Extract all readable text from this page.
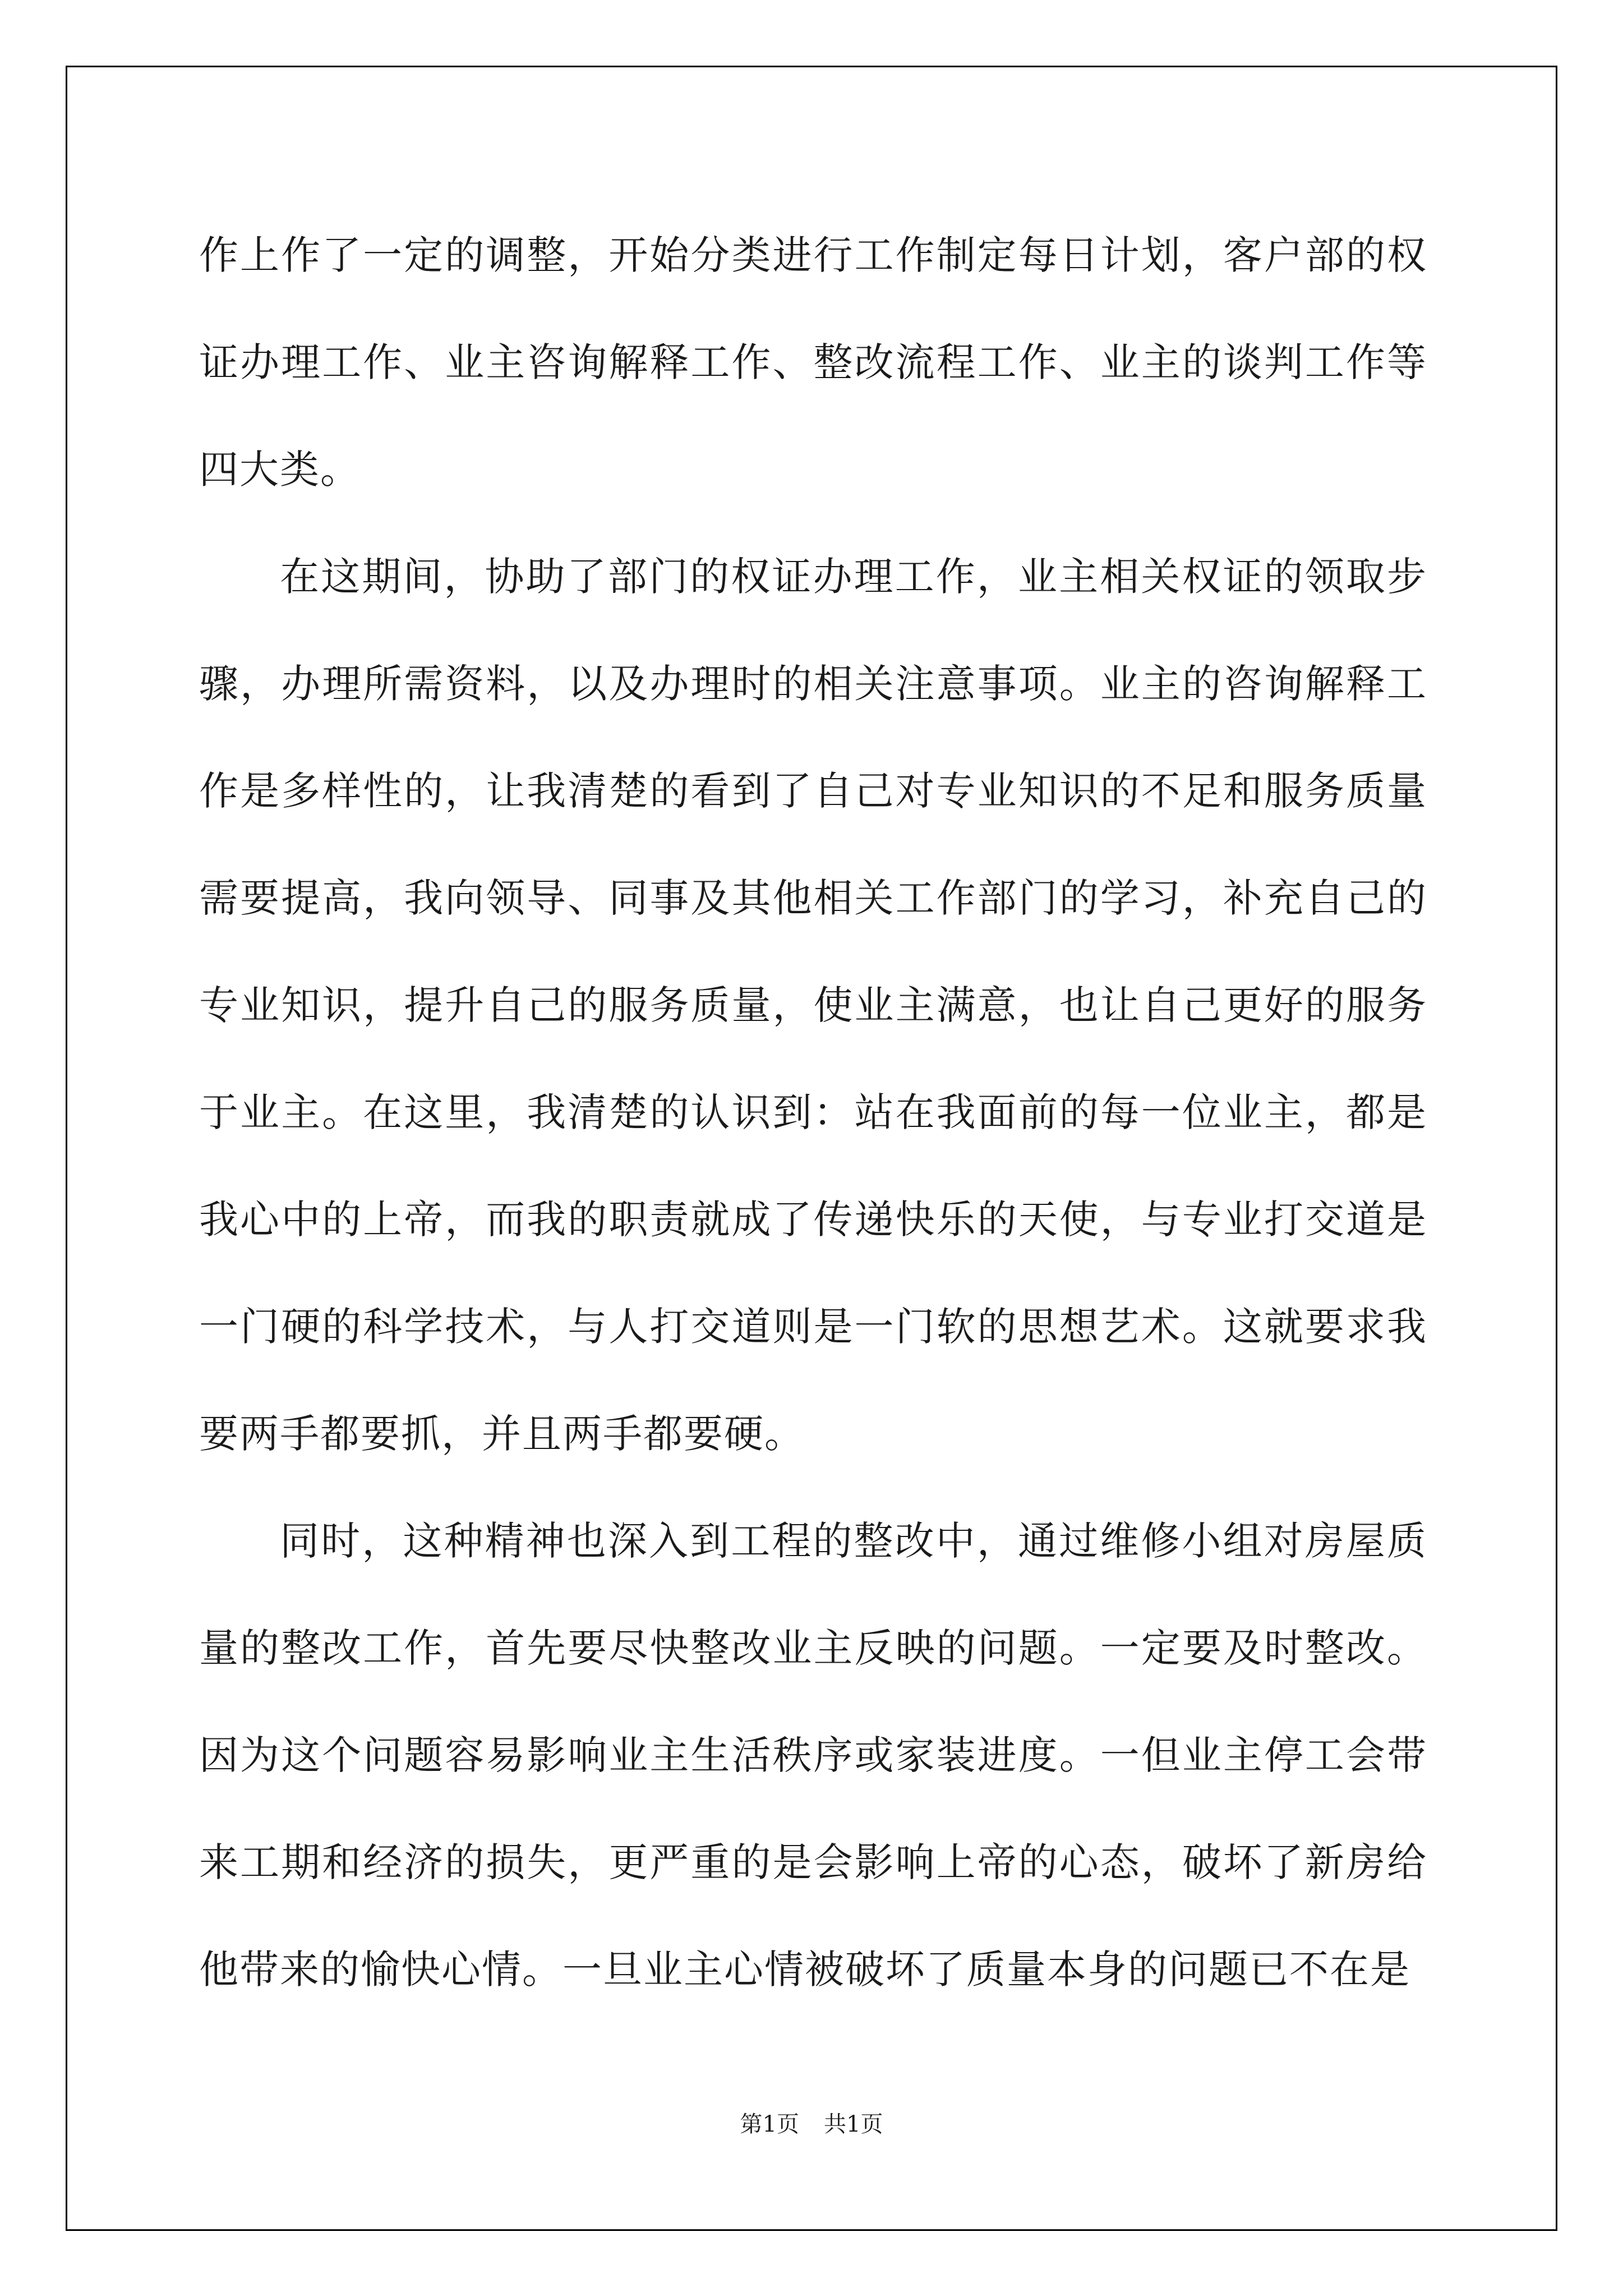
作上作了一定的调整，开始分类进行工作制定每日计划，客户部的权证办理工作、业主咨询解释工作、整改流程工作、业主的谈判工作等四大类。

在这期间，协助了部门的权证办理工作，业主相关权证的领取步骤，办理所需资料，以及办理时的相关注意事项。业主的咨询解释工作是多样性的，让我清楚的看到了自己对专业知识的不足和服务质量需要提高，我向领导、同事及其他相关工作部门的学习，补充自己的专业知识，提升自己的服务质量，使业主满意，也让自己更好的服务于业主。在这里，我清楚的认识到：站在我面前的每一位业主，都是我心中的上帝，而我的职责就成了传递快乐的天使，与专业打交道是一门硬的科学技术，与人打交道则是一门软的思想艺术。这就要求我要两手都要抓，并且两手都要硬。

同时，这种精神也深入到工程的整改中，通过维修小组对房屋质量的整改工作，首先要尽快整改业主反映的问题。一定要及时整改。因为这个问题容易影响业主生活秩序或家装进度。一但业主停工会带来工期和经济的损失，更严重的是会影响上帝的心态，破坏了新房给他带来的愉快心情。一旦业主心情被破坏了质量本身的问题已不在是

第1页 共1页
